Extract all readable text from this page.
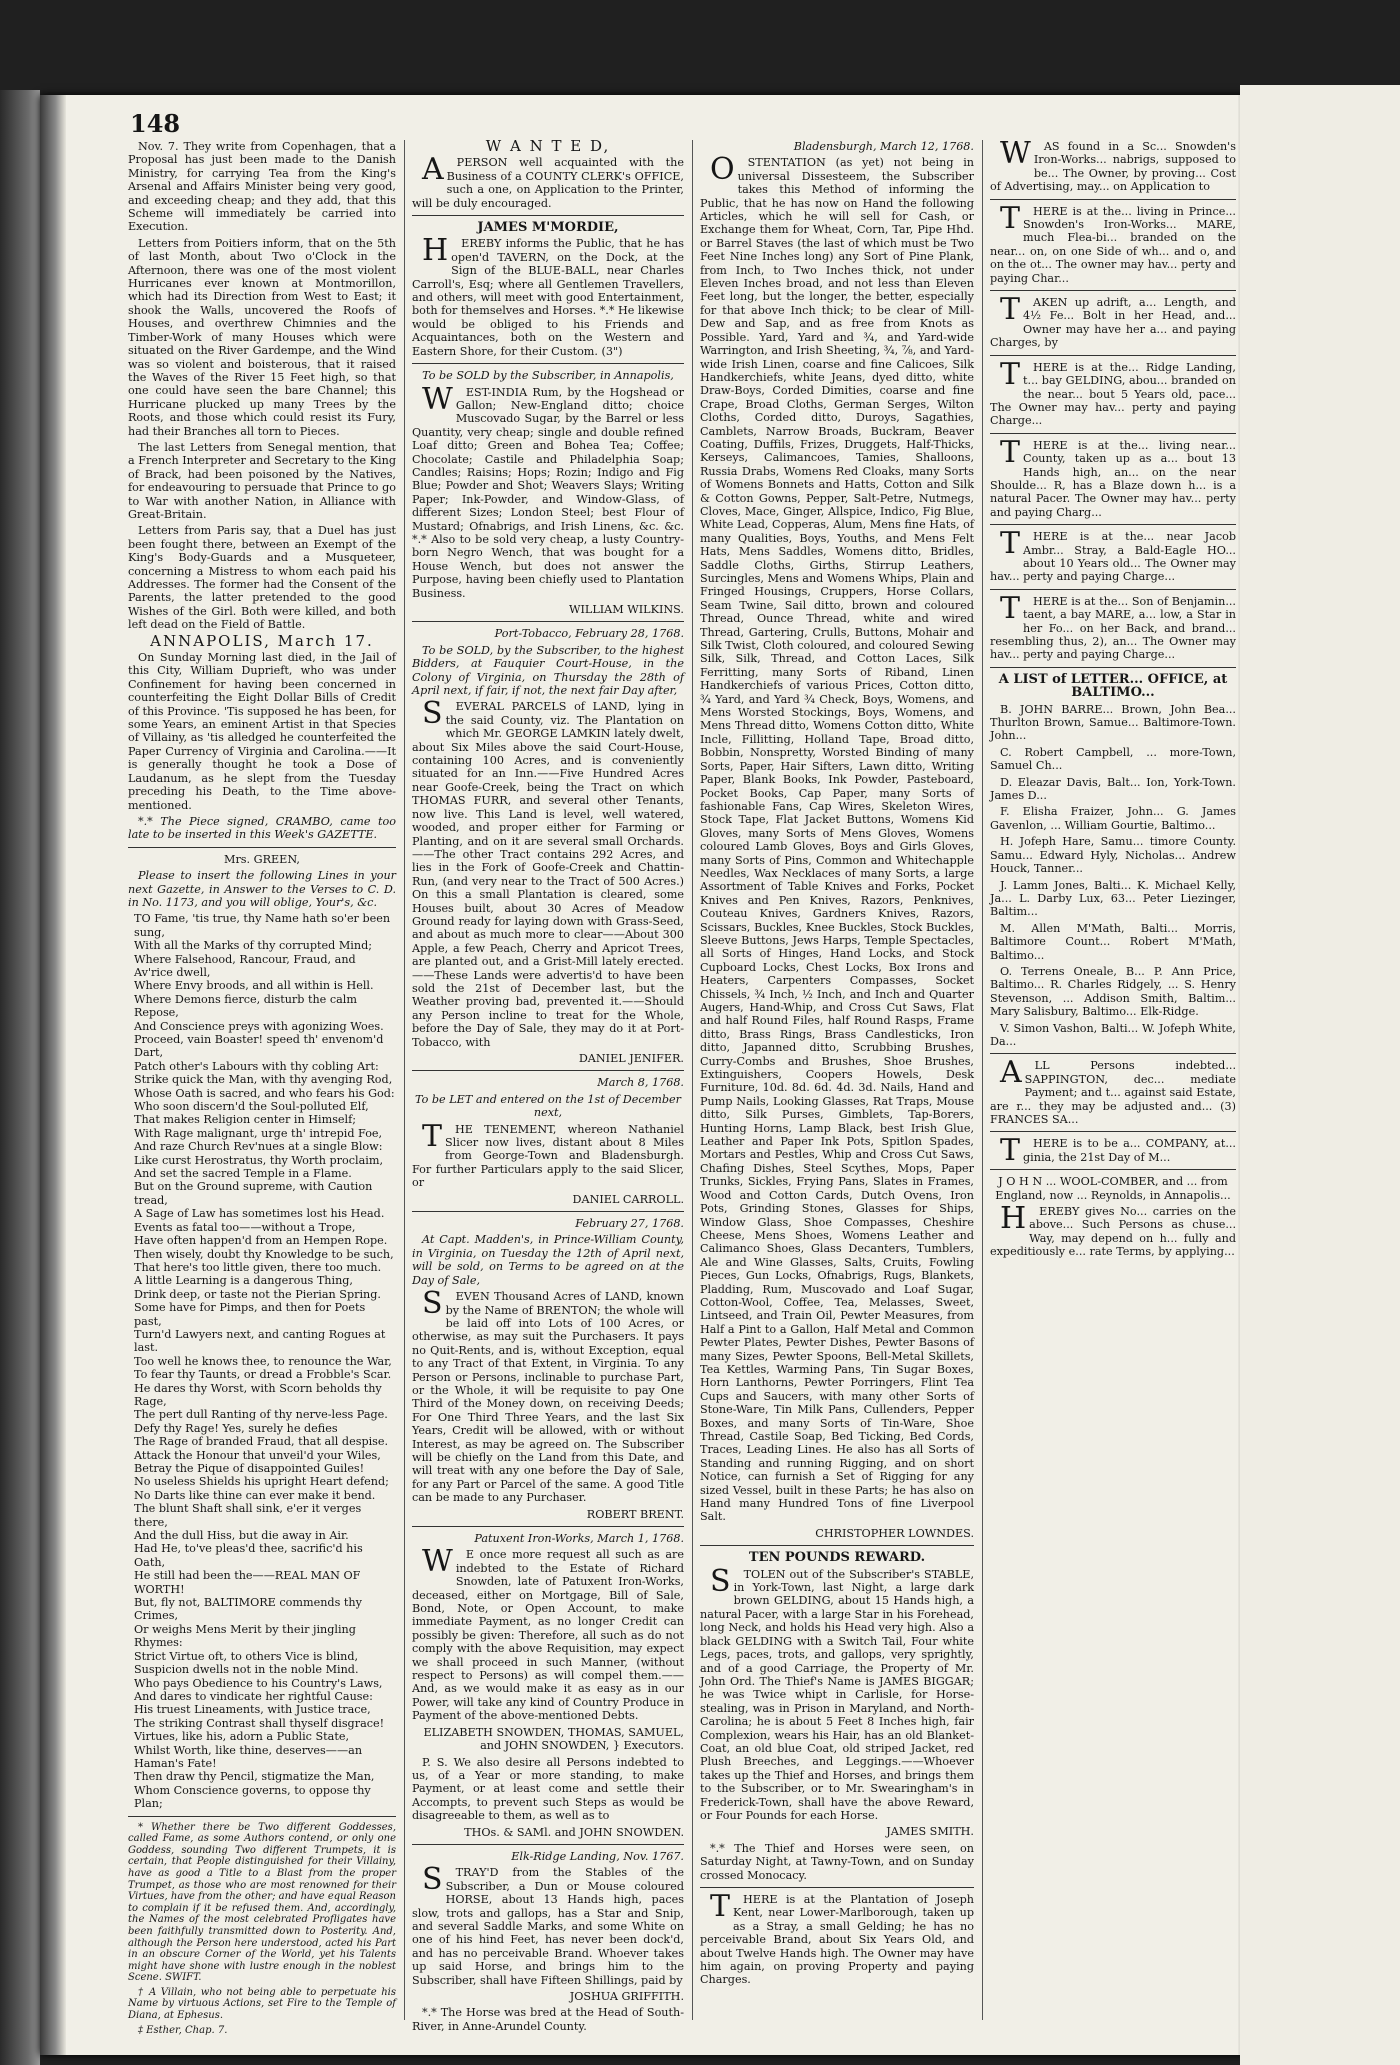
148

Nov. 7. They write from Copenhagen, that a Proposal has just been made to the Danish Ministry, for carrying Tea from the King's Arsenal and Affairs Minister being very good, and exceeding cheap; and they add, that this Scheme will immediately be carried into Execution.

Letters from Poitiers inform, that on the 5th of last Month, about Two o'Clock in the Afternoon, there was one of the most violent Hurricanes ever known at Montmorillon, which had its Direction from West to East; it shook the Walls, uncovered the Roofs of Houses, and overthrew Chimnies and the Timber-Work of many Houses which were situated on the River Gardempe, and the Wind was so violent and boisterous, that it raised the Waves of the River 15 Feet high, so that one could have seen the bare Channel; this Hurricane plucked up many Trees by the Roots, and those which could resist its Fury, had their Branches all torn to Pieces.

The last Letters from Senegal mention, that a French Interpreter and Secretary to the King of Brack, had been poisoned by the Natives, for endeavouring to persuade that Prince to go to War with another Nation, in Alliance with Great-Britain.

Letters from Paris say, that a Duel has just been fought there, between an Exempt of the King's Body-Guards and a Musqueteer, concerning a Mistress to whom each paid his Addresses. The former had the Consent of the Parents, the latter pretended to the good Wishes of the Girl. Both were killed, and both left dead on the Field of Battle.

ANNAPOLIS, March 17.

On Sunday Morning last died, in the Jail of this City, William Duprieft, who was under Confinement for having been concerned in counterfeiting the Eight Dollar Bills of Credit of this Province. 'Tis supposed he has been, for some Years, an eminent Artist in that Species of Villainy, as 'tis alledged he counterfeited the Paper Currency of Virginia and Carolina.——It is generally thought he took a Dose of Laudanum, as he slept from the Tuesday preceding his Death, to the Time above-mentioned.

*.* The Piece signed, CRAMBO, came too late to be inserted in this Week's GAZETTE.

Mrs. GREEN,

Please to insert the following Lines in your next Gazette, in Answer to the Verses to C. D. in No. 1173, and you will oblige, Your's, &c.

TO Fame, 'tis true, thy Name hath so'er been sung,

With all the Marks of thy corrupted Mind;

Where Falsehood, Rancour, Fraud, and Av'rice dwell,

Where Envy broods, and all within is Hell.

Where Demons fierce, disturb the calm Repose,

And Conscience preys with agonizing Woes.

Proceed, vain Boaster! speed th' envenom'd Dart,

Patch other's Labours with thy cobling Art:

Strike quick the Man, with thy avenging Rod,

Whose Oath is sacred, and who fears his God:

Who soon discern'd the Soul-polluted Elf,

That makes Religion center in Himself;

With Rage malignant, urge th' intrepid Foe,

And raze Church Rev'nues at a single Blow:

Like curst Herostratus, thy Worth proclaim,

And set the sacred Temple in a Flame.

But on the Ground supreme, with Caution tread,

A Sage of Law has sometimes lost his Head.

Events as fatal too——without a Trope,

Have often happen'd from an Hempen Rope.

Then wisely, doubt thy Knowledge to be such,

That here's too little given, there too much.

A little Learning is a dangerous Thing,

Drink deep, or taste not the Pierian Spring.

Some have for Pimps, and then for Poets past,

Turn'd Lawyers next, and canting Rogues at last.

Too well he knows thee, to renounce the War,

To fear thy Taunts, or dread a Frobble's Scar.

He dares thy Worst, with Scorn beholds thy Rage,

The pert dull Ranting of thy nerve-less Page.

Defy thy Rage! Yes, surely he defies

The Rage of branded Fraud, that all despise.

Attack the Honour that unveil'd your Wiles,

Betray the Pique of disappointed Guiles!

No useless Shields his upright Heart defend;

No Darts like thine can ever make it bend.

The blunt Shaft shall sink, e'er it verges there,

And the dull Hiss, but die away in Air.

Had He, to've pleas'd thee, sacrific'd his Oath,

He still had been the——REAL MAN OF WORTH!

But, fly not, BALTIMORE commends thy Crimes,

Or weighs Mens Merit by their jingling Rhymes:

Strict Virtue oft, to others Vice is blind,

Suspicion dwells not in the noble Mind.

Who pays Obedience to his Country's Laws,

And dares to vindicate her rightful Cause:

His truest Lineaments, with Justice trace,

The striking Contrast shall thyself disgrace!

Virtues, like his, adorn a Public State,

Whilst Worth, like thine, deserves——an Haman's Fate!

Then draw thy Pencil, stigmatize the Man,

Whom Conscience governs, to oppose thy Plan;

* Whether there be Two different Goddesses, called Fame, as some Authors contend, or only one Goddess, sounding Two different Trumpets, it is certain, that People distinguished for their Villainy, have as good a Title to a Blast from the proper Trumpet, as those who are most renowned for their Virtues, have from the other; and have equal Reason to complain if it be refused them. And, accordingly, the Names of the most celebrated Profligates have been faithfully transmitted down to Posterity. And, although the Person here understood, acted his Part in an obscure Corner of the World, yet his Talents might have shone with lustre enough in the noblest Scene. SWIFT.

† A Villain, who not being able to perpetuate his Name by virtuous Actions, set Fire to the Temple of Diana, at Ephesus.

‡ Esther, Chap. 7.

W A N T E D,

APERSON well acquainted with the Business of a COUNTY CLERK's OFFICE, such a one, on Application to the Printer, will be duly encouraged.

JAMES M'MORDIE,

HEREBY informs the Public, that he has open'd TAVERN, on the Dock, at the Sign of the BLUE-BALL, near Charles Carroll's, Esq; where all Gentlemen Travellers, and others, will meet with good Entertainment, both for themselves and Horses. *.* He likewise would be obliged to his Friends and Acquaintances, both on the Western and Eastern Shore, for their Custom. (3")

To be SOLD by the Subscriber, in Annapolis,

WEST-INDIA Rum, by the Hogshead or Gallon; New-England ditto; choice Muscovado Sugar, by the Barrel or less Quantity, very cheap; single and double refined Loaf ditto; Green and Bohea Tea; Coffee; Chocolate; Castile and Philadelphia Soap; Candles; Raisins; Hops; Rozin; Indigo and Fig Blue; Powder and Shot; Weavers Slays; Writing Paper; Ink-Powder, and Window-Glass, of different Sizes; London Steel; best Flour of Mustard; Ofnabrigs, and Irish Linens, &c. &c. *.* Also to be sold very cheap, a lusty Country-born Negro Wench, that was bought for a House Wench, but does not answer the Purpose, having been chiefly used to Plantation Business.

WILLIAM WILKINS.

Port-Tobacco, February 28, 1768.

To be SOLD, by the Subscriber, to the highest Bidders, at Fauquier Court-House, in the Colony of Virginia, on Thursday the 28th of April next, if fair, if not, the next fair Day after,

SEVERAL PARCELS of LAND, lying in the said County, viz. The Plantation on which Mr. GEORGE LAMKIN lately dwelt, about Six Miles above the said Court-House, containing 100 Acres, and is conveniently situated for an Inn.——Five Hundred Acres near Goofe-Creek, being the Tract on which THOMAS FURR, and several other Tenants, now live. This Land is level, well watered, wooded, and proper either for Farming or Planting, and on it are several small Orchards.——The other Tract contains 292 Acres, and lies in the Fork of Goofe-Creek and Chattin-Run, (and very near to the Tract of 500 Acres.) On this a small Plantation is cleared, some Houses built, about 30 Acres of Meadow Ground ready for laying down with Grass-Seed, and about as much more to clear——About 300 Apple, a few Peach, Cherry and Apricot Trees, are planted out, and a Grist-Mill lately erected.——These Lands were advertis'd to have been sold the 21st of December last, but the Weather proving bad, prevented it.——Should any Person incline to treat for the Whole, before the Day of Sale, they may do it at Port-Tobacco, with

DANIEL JENIFER.

March 8, 1768.

To be LET and entered on the 1st of December next,

THE TENEMENT, whereon Nathaniel Slicer now lives, distant about 8 Miles from George-Town and Bladensburgh. For further Particulars apply to the said Slicer, or

DANIEL CARROLL.

February 27, 1768.

At Capt. Madden's, in Prince-William County, in Virginia, on Tuesday the 12th of April next, will be sold, on Terms to be agreed on at the Day of Sale,

SEVEN Thousand Acres of LAND, known by the Name of BRENTON; the whole will be laid off into Lots of 100 Acres, or otherwise, as may suit the Purchasers. It pays no Quit-Rents, and is, without Exception, equal to any Tract of that Extent, in Virginia. To any Person or Persons, inclinable to purchase Part, or the Whole, it will be requisite to pay One Third of the Money down, on receiving Deeds; For One Third Three Years, and the last Six Years, Credit will be allowed, with or without Interest, as may be agreed on. The Subscriber will be chiefly on the Land from this Date, and will treat with any one before the Day of Sale, for any Part or Parcel of the same. A good Title can be made to any Purchaser.

ROBERT BRENT.

Patuxent Iron-Works, March 1, 1768.

WE once more request all such as are indebted to the Estate of Richard Snowden, late of Patuxent Iron-Works, deceased, either on Mortgage, Bill of Sale, Bond, Note, or Open Account, to make immediate Payment, as no longer Credit can possibly be given: Therefore, all such as do not comply with the above Requisition, may expect we shall proceed in such Manner, (without respect to Persons) as will compel them.——And, as we would make it as easy as in our Power, will take any kind of Country Produce in Payment of the above-mentioned Debts.

ELIZABETH SNOWDEN, THOMAS, SAMUEL, and JOHN SNOWDEN, } Executors.

P. S. We also desire all Persons indebted to us, of a Year or more standing, to make Payment, or at least come and settle their Accompts, to prevent such Steps as would be disagreeable to them, as well as to

THOs. & SAMl. and JOHN SNOWDEN.

Elk-Ridge Landing, Nov. 1767.

STRAY'D from the Stables of the Subscriber, a Dun or Mouse coloured HORSE, about 13 Hands high, paces slow, trots and gallops, has a Star and Snip, and several Saddle Marks, and some White on one of his hind Feet, has never been dock'd, and has no perceivable Brand. Whoever takes up said Horse, and brings him to the Subscriber, shall have Fifteen Shillings, paid by

JOSHUA GRIFFITH.

*.* The Horse was bred at the Head of South-River, in Anne-Arundel County.

Bladensburgh, March 12, 1768.

OSTENTATION (as yet) not being in universal Dissesteem, the Subscriber takes this Method of informing the Public, that he has now on Hand the following Articles, which he will sell for Cash, or Exchange them for Wheat, Corn, Tar, Pipe Hhd. or Barrel Staves (the last of which must be Two Feet Nine Inches long) any Sort of Pine Plank, from Inch, to Two Inches thick, not under Eleven Inches broad, and not less than Eleven Feet long, but the longer, the better, especially for that above Inch thick; to be clear of Mill-Dew and Sap, and as free from Knots as Possible. Yard, Yard and ¾, and Yard-wide Warrington, and Irish Sheeting, ¾, ⅞, and Yard-wide Irish Linen, coarse and fine Calicoes, Silk Handkerchiefs, white Jeans, dyed ditto, white Draw-Boys, Corded Dimities, coarse and fine Crape, Broad Cloths, German Serges, Wilton Cloths, Corded ditto, Duroys, Sagathies, Camblets, Narrow Broads, Buckram, Beaver Coating, Duffils, Frizes, Druggets, Half-Thicks, Kerseys, Calimancoes, Tamies, Shalloons, Russia Drabs, Womens Red Cloaks, many Sorts of Womens Bonnets and Hatts, Cotton and Silk & Cotton Gowns, Pepper, Salt-Petre, Nutmegs, Cloves, Mace, Ginger, Allspice, Indico, Fig Blue, White Lead, Copperas, Alum, Mens fine Hats, of many Qualities, Boys, Youths, and Mens Felt Hats, Mens Saddles, Womens ditto, Bridles, Saddle Cloths, Girths, Stirrup Leathers, Surcingles, Mens and Womens Whips, Plain and Fringed Housings, Cruppers, Horse Collars, Seam Twine, Sail ditto, brown and coloured Thread, Ounce Thread, white and wired Thread, Gartering, Crulls, Buttons, Mohair and Silk Twist, Cloth coloured, and coloured Sewing Silk, Silk, Thread, and Cotton Laces, Silk Ferritting, many Sorts of Riband, Linen Handkerchiefs of various Prices, Cotton ditto, ¾ Yard, and Yard ¾ Check, Boys, Womens, and Mens Worsted Stockings, Boys, Womens, and Mens Thread ditto, Womens Cotton ditto, White Incle, Fillitting, Holland Tape, Broad ditto, Bobbin, Nonspretty, Worsted Binding of many Sorts, Paper, Hair Sifters, Lawn ditto, Writing Paper, Blank Books, Ink Powder, Pasteboard, Pocket Books, Cap Paper, many Sorts of fashionable Fans, Cap Wires, Skeleton Wires, Stock Tape, Flat Jacket Buttons, Womens Kid Gloves, many Sorts of Mens Gloves, Womens coloured Lamb Gloves, Boys and Girls Gloves, many Sorts of Pins, Common and Whitechapple Needles, Wax Necklaces of many Sorts, a large Assortment of Table Knives and Forks, Pocket Knives and Pen Knives, Razors, Penknives, Couteau Knives, Gardners Knives, Razors, Scissars, Buckles, Knee Buckles, Stock Buckles, Sleeve Buttons, Jews Harps, Temple Spectacles, all Sorts of Hinges, Hand Locks, and Stock Cupboard Locks, Chest Locks, Box Irons and Heaters, Carpenters Compasses, Socket Chissels, ¾ Inch, ½ Inch, and Inch and Quarter Augers, Hand-Whip, and Cross Cut Saws, Flat and half Round Files, half Round Rasps, Frame ditto, Brass Rings, Brass Candlesticks, Iron ditto, Japanned ditto, Scrubbing Brushes, Curry-Combs and Brushes, Shoe Brushes, Extinguishers, Coopers Howels, Desk Furniture, 10d. 8d. 6d. 4d. 3d. Nails, Hand and Pump Nails, Looking Glasses, Rat Traps, Mouse ditto, Silk Purses, Gimblets, Tap-Borers, Hunting Horns, Lamp Black, best Irish Glue, Leather and Paper Ink Pots, Spitlon Spades, Mortars and Pestles, Whip and Cross Cut Saws, Chafing Dishes, Steel Scythes, Mops, Paper Trunks, Sickles, Frying Pans, Slates in Frames, Wood and Cotton Cards, Dutch Ovens, Iron Pots, Grinding Stones, Glasses for Ships, Window Glass, Shoe Compasses, Cheshire Cheese, Mens Shoes, Womens Leather and Calimanco Shoes, Glass Decanters, Tumblers, Ale and Wine Glasses, Salts, Cruits, Fowling Pieces, Gun Locks, Ofnabrigs, Rugs, Blankets, Pladding, Rum, Muscovado and Loaf Sugar, Cotton-Wool, Coffee, Tea, Melasses, Sweet, Lintseed, and Train Oil, Pewter Measures, from Half a Pint to a Gallon, Half Metal and Common Pewter Plates, Pewter Dishes, Pewter Basons of many Sizes, Pewter Spoons, Bell-Metal Skillets, Tea Kettles, Warming Pans, Tin Sugar Boxes, Horn Lanthorns, Pewter Porringers, Flint Tea Cups and Saucers, with many other Sorts of Stone-Ware, Tin Milk Pans, Cullenders, Pepper Boxes, and many Sorts of Tin-Ware, Shoe Thread, Castile Soap, Bed Ticking, Bed Cords, Traces, Leading Lines. He also has all Sorts of Standing and running Rigging, and on short Notice, can furnish a Set of Rigging for any sized Vessel, built in these Parts; he has also on Hand many Hundred Tons of fine Liverpool Salt.

CHRISTOPHER LOWNDES.

TEN POUNDS REWARD.

STOLEN out of the Subscriber's STABLE, in York-Town, last Night, a large dark brown GELDING, about 15 Hands high, a natural Pacer, with a large Star in his Forehead, long Neck, and holds his Head very high. Also a black GELDING with a Switch Tail, Four white Legs, paces, trots, and gallops, very sprightly, and of a good Carriage, the Property of Mr. John Ord. The Thief's Name is JAMES BIGGAR; he was Twice whipt in Carlisle, for Horse-stealing, was in Prison in Maryland, and North-Carolina; he is about 5 Feet 8 Inches high, fair Complexion, wears his Hair, has an old Blanket-Coat, an old blue Coat, old striped Jacket, red Plush Breeches, and Leggings.——Whoever takes up the Thief and Horses, and brings them to the Subscriber, or to Mr. Swearingham's in Frederick-Town, shall have the above Reward, or Four Pounds for each Horse.

JAMES SMITH.

*.* The Thief and Horses were seen, on Saturday Night, at Tawny-Town, and on Sunday crossed Monocacy.

THERE is at the Plantation of Joseph Kent, near Lower-Marlborough, taken up as a Stray, a small Gelding; he has no perceivable Brand, about Six Years Old, and about Twelve Hands high. The Owner may have him again, on proving Property and paying Charges.

WAS found in a Sc... Snowden's Iron-Works... nabrigs, supposed to be... The Owner, by proving... Cost of Advertising, may... on Application to

THERE is at the... living in Prince... Snowden's Iron-Works... MARE, much Flea-bi... branded on the near... on, on one Side of wh... and o, and on the ot... The owner may hav... perty and paying Char...

TAKEN up adrift, a... Length, and 4½ Fe... Bolt in her Head, and... Owner may have her a... and paying Charges, by

THERE is at the... Ridge Landing, t... bay GELDING, abou... branded on the near... bout 5 Years old, pace... The Owner may hav... perty and paying Charge...

THERE is at the... living near... County, taken up as a... bout 13 Hands high, an... on the near Shoulde... R, has a Blaze down h... is a natural Pacer. The Owner may hav... perty and paying Charg...

THERE is at the... near Jacob Ambr... Stray, a Bald-Eagle HO... about 10 Years old... The Owner may hav... perty and paying Charge...

THERE is at the... Son of Benjamin... taent, a bay MARE, a... low, a Star in her Fo... on her Back, and brand... resembling thus, 2), an... The Owner may hav... perty and paying Charge...

A LIST of LETTER... OFFICE, at BALTIMO...

B. JOHN BARRE... Brown, John Bea... Thurlton Brown, Samue... Baltimore-Town. John...

C. Robert Campbell, ... more-Town, Samuel Ch...

D. Eleazar Davis, Balt... Ion, York-Town. James D...

F. Elisha Fraizer, John... G. James Gavenlon, ... William Gourtie, Baltimo...

H. Jofeph Hare, Samu... timore County. Samu... Edward Hyly, Nicholas... Andrew Houck, Tanner...

J. Lamm Jones, Balti... K. Michael Kelly, Ja... L. Darby Lux, 63... Peter Liezinger, Baltim...

M. Allen M'Math, Balti... Morris, Baltimore Count... Robert M'Math, Baltimo...

O. Terrens Oneale, B... P. Ann Price, Baltimo... R. Charles Ridgely, ... S. Henry Stevenson, ... Addison Smith, Baltim... Mary Salisbury, Baltimo... Elk-Ridge.

V. Simon Vashon, Balti... W. Jofeph White, Da...

ALL Persons indebted... SAPPINGTON, dec... mediate Payment; and t... against said Estate, are r... they may be adjusted and... (3) FRANCES SA...

THERE is to be a... COMPANY, at... ginia, the 21st Day of M...

J O H N ... WOOL-COMBER, and ... from England, now ... Reynolds, in Annapolis...

HEREBY gives No... carries on the above... Such Persons as chuse... Way, may depend on h... fully and expeditiously e... rate Terms, by applying...
